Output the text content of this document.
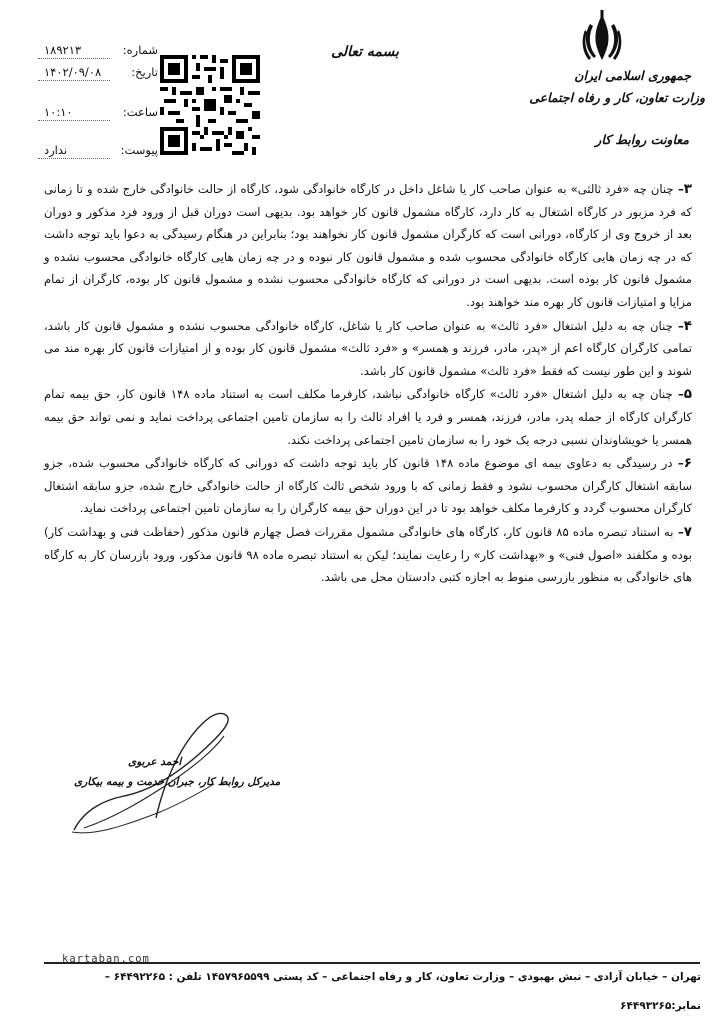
جمهوری اسلامی ایران
وزارت تعاون، کار و رفاه اجتماعی
معاونت روابط کار
بسمه تعالی
۱۸۹۲۱۳	شماره:
۱۴۰۲/۰۹/۰۸	تاریخ:
۱۰:۱۰	ساعت:
ندارد	پیوست:

۳– چنان چه «فرد ثالثی» به عنوان صاحب کار یا شاغل داخل در کارگاه خانوادگی شود، کارگاه از حالت خانوادگی خارج شده و تا زمانی که فرد مزبور در کارگاه اشتغال به کار دارد، کارگاه مشمول قانون کار خواهد بود. بدیهی است دوران قبل از ورود فرد مذکور و دوران بعد از خروج وی از کارگاه، دورانی است که کارگران مشمول قانون کار نخواهند بود؛ بنابراین در هنگام رسیدگی به دعوا باید توجه داشت که در چه زمان هایی کارگاه خانوادگی محسوب شده و مشمول قانون کار نبوده و در چه زمان هایی کارگاه خانوادگی محسوب نشده و مشمول قانون کار بوده است. بدیهی است در دورانی که کارگاه خانوادگی محسوب نشده و مشمول قانون کار بوده، کارگران از تمام مزایا و امتیازات قانون کار بهره مند خواهند بود.

۴– چنان چه به دلیل اشتغال «فرد ثالث» به عنوان صاحب کار یا شاغل، کارگاه خانوادگی محسوب نشده و مشمول قانون کار باشد، تمامی کارگران کارگاه اعم از «پدر، مادر، فرزند و همسر» و «فرد ثالث» مشمول قانون کار بوده و از امتیازات قانون کار بهره مند می شوند و این طور نیست که فقط «فرد ثالث» مشمول قانون کار باشد.

۵– چنان چه به دلیل اشتغال «فرد ثالث» کارگاه خانوادگی نباشد، کارفرما مکلف است به استناد ماده ۱۴۸ قانون کار، حق بیمه تمام کارگران کارگاه از جمله پدر، مادر، فرزند، همسر و فرد یا افراد ثالث را به سازمان تامین اجتماعی پرداخت نماید و نمی تواند حق بیمه همسر یا خویشاوندان نسبی درجه یک خود را به سازمان تامین اجتماعی پرداخت نکند.

۶– در رسیدگی به دعاوی بیمه ای موضوع ماده ۱۴۸ قانون کار باید توجه داشت که دورانی که کارگاه خانوادگی محسوب شده، جزو سابقه اشتغال کارگران محسوب نشود و فقط زمانی که با ورود شخص ثالث کارگاه از حالت خانوادگی خارج شده، جزو سابقه اشتغال کارگران محسوب گردد و کارفرما مکلف خواهد بود تا در این دوران حق بیمه کارگران را به سازمان تامین اجتماعی پرداخت نماید.

۷– به استناد تبصره ماده ۸۵ قانون کار، کارگاه های خانوادگی مشمول مقررات فصل چهارم قانون مذکور (حفاظت فنی و بهداشت کار) بوده و مکلفند «اصول فنی» و «بهداشت کار» را رعایت نمایند؛ لیکن به استناد تبصره ماده ۹۸ قانون مذکور، ورود بازرسان کار به کارگاه های خانوادگی به منظور بازرسی منوط به اجازه کتبی دادستان محل می باشد.

احمد عربوی
مدیرکل روابط کار، جبران خدمت و بیمه بیکاری
kartaban.com
تهران – خیابان آزادی – نبش بهبودی – وزارت تعاون، کار و رفاه اجتماعی – کد پستی ۱۴۵۷۹۶۵۵۹۹ تلفن : ۶۴۴۹۲۲۶۵ –
نمابر:۶۴۴۹۳۲۶۵
